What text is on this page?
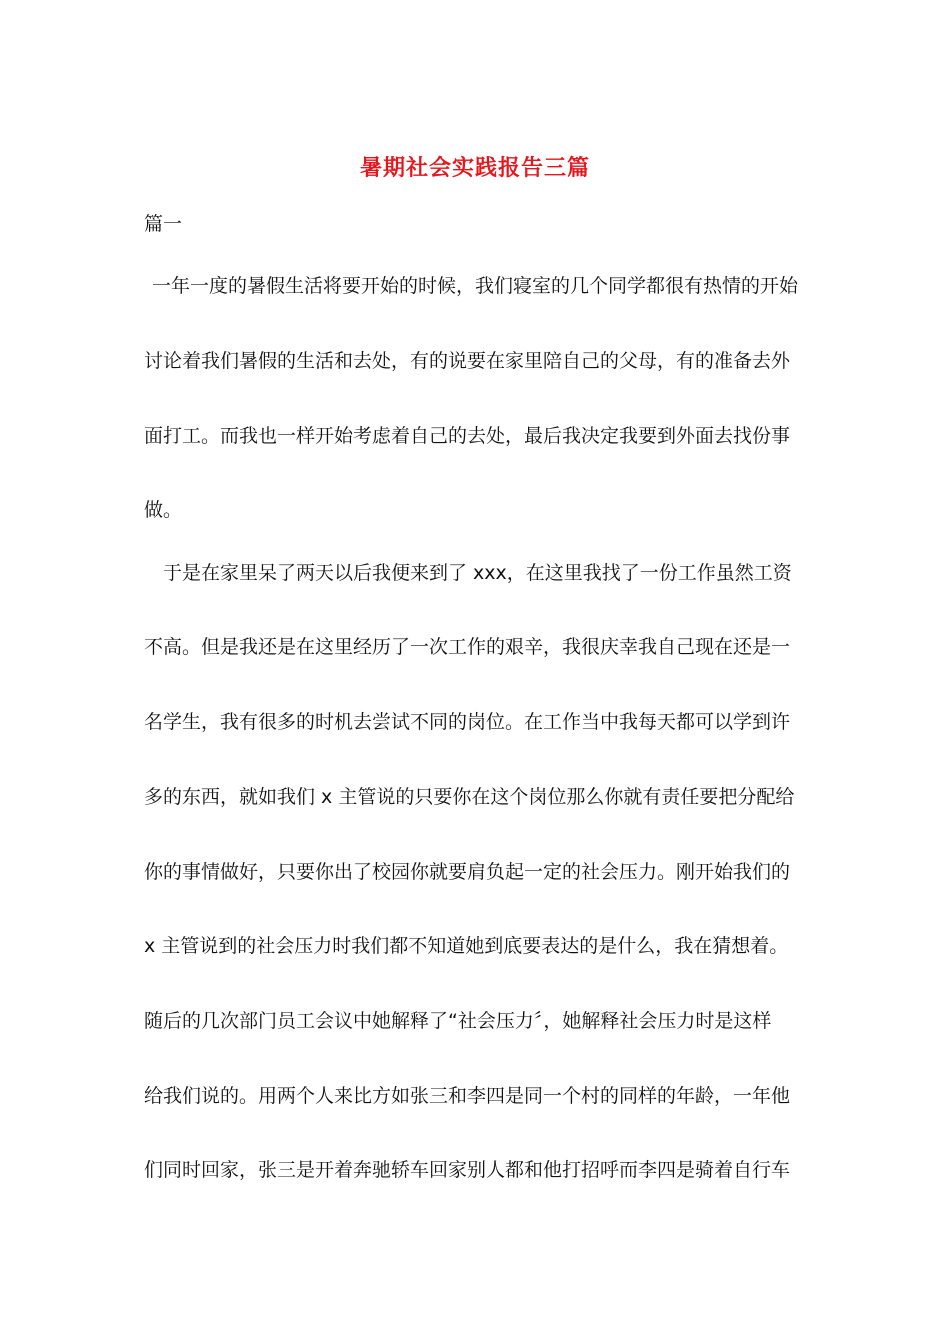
暑期社会实践报告三篇
篇一
一年一度的暑假生活将要开始的时候，我们寝室的几个同学都很有热情的开始
讨论着我们暑假的生活和去处，有的说要在家里陪自己的父母，有的准备去外
面打工。而我也一样开始考虑着自己的去处，最后我决定我要到外面去找份事
做。
于是在家里呆了两天以后我便来到了 xxx，在这里我找了一份工作虽然工资
不高。但是我还是在这里经历了一次工作的艰辛，我很庆幸我自己现在还是一
名学生，我有很多的时机去尝试不同的岗位。在工作当中我每天都可以学到许
多的东西，就如我们 x 主管说的只要你在这个岗位那么你就有责任要把分配给
你的事情做好，只要你出了校园你就要肩负起一定的社会压力。刚开始我们的
x 主管说到的社会压力时我们都不知道她到底要表达的是什么，我在猜想着。
随后的几次部门员工会议中她解释了“社会压力〞，她解释社会压力时是这样
给我们说的。用两个人来比方如张三和李四是同一个村的同样的年龄，一年他
们同时回家，张三是开着奔驰轿车回家别人都和他打招呼而李四是骑着自行车
